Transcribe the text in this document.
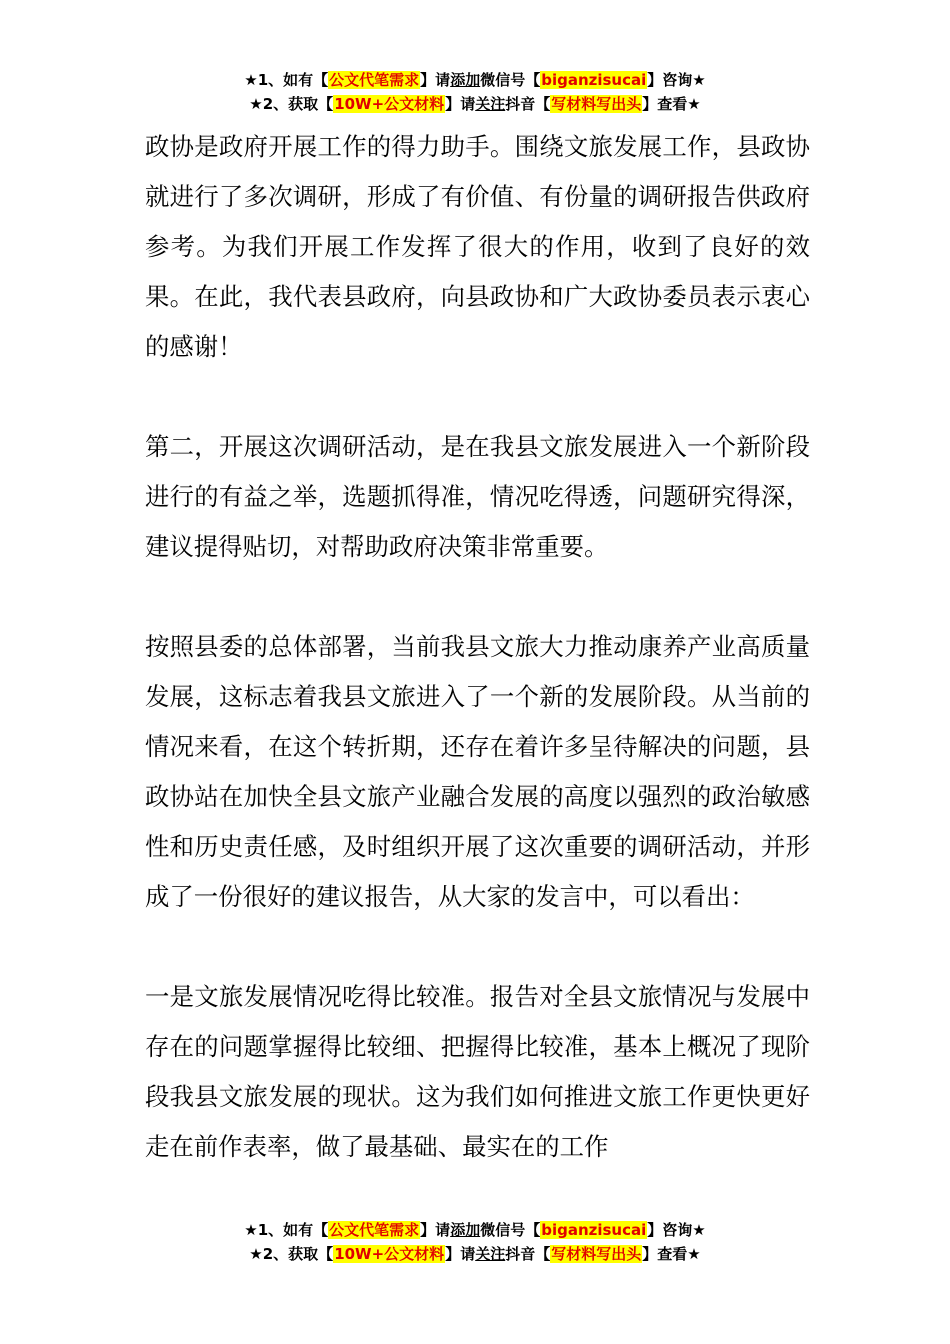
★1、如有【公文代笔需求】请添加微信号【biganzisucai】咨询★
★2、获取【10W+公文材料】请关注抖音【写材料写出头】查看★

政协是政府开展工作的得力助手。围绕文旅发展工作，县政协就进行了多次调研，形成了有价值、有份量的调研报告供政府参考。为我们开展工作发挥了很大的作用，收到了良好的效果。在此，我代表县政府，向县政协和广大政协委员表示衷心的感谢！

第二，开展这次调研活动，是在我县文旅发展进入一个新阶段进行的有益之举，选题抓得准，情况吃得透，问题研究得深，建议提得贴切，对帮助政府决策非常重要。

按照县委的总体部署，当前我县文旅大力推动康养产业高质量发展，这标志着我县文旅进入了一个新的发展阶段。从当前的情况来看，在这个转折期，还存在着许多呈待解决的问题，县政协站在加快全县文旅产业融合发展的高度以强烈的政治敏感性和历史责任感，及时组织开展了这次重要的调研活动，并形成了一份很好的建议报告，从大家的发言中，可以看出：

一是文旅发展情况吃得比较准。报告对全县文旅情况与发展中存在的问题掌握得比较细、把握得比较准，基本上概况了现阶段我县文旅发展的现状。这为我们如何推进文旅工作更快更好走在前作表率，做了最基础、最实在的工作

★1、如有【公文代笔需求】请添加微信号【biganzisucai】咨询★
★2、获取【10W+公文材料】请关注抖音【写材料写出头】查看★
